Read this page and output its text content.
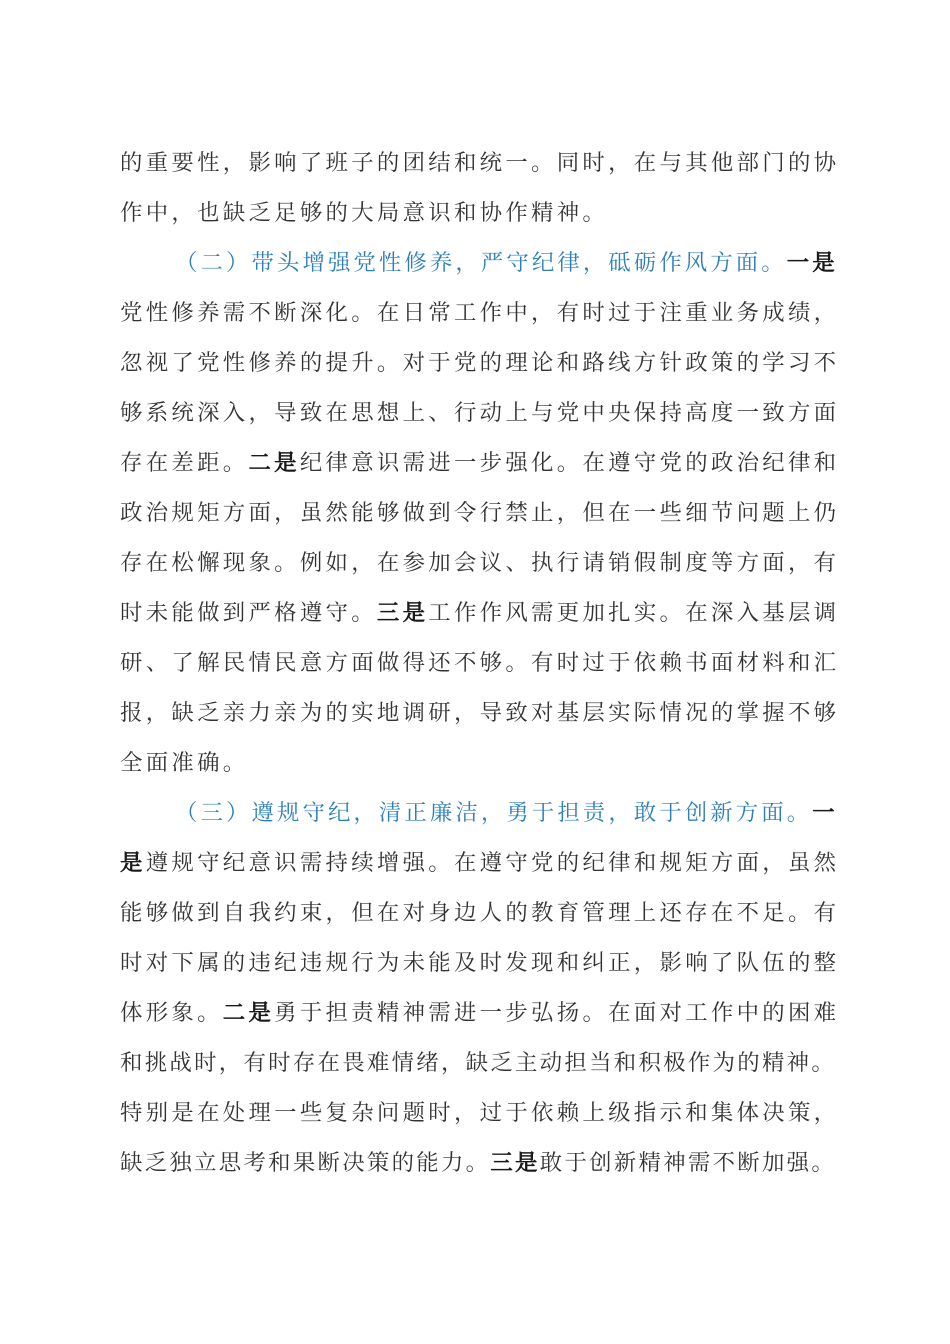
的重要性，影响了班子的团结和统一。同时，在与其他部门的协
作中，也缺乏足够的大局意识和协作精神。
（二）带头增强党性修养，严守纪律，砥砺作风方面。一是
党性修养需不断深化。在日常工作中，有时过于注重业务成绩，
忽视了党性修养的提升。对于党的理论和路线方针政策的学习不
够系统深入，导致在思想上、行动上与党中央保持高度一致方面
存在差距。二是纪律意识需进一步强化。在遵守党的政治纪律和
政治规矩方面，虽然能够做到令行禁止，但在一些细节问题上仍
存在松懈现象。例如，在参加会议、执行请销假制度等方面，有
时未能做到严格遵守。三是工作作风需更加扎实。在深入基层调
研、了解民情民意方面做得还不够。有时过于依赖书面材料和汇
报，缺乏亲力亲为的实地调研，导致对基层实际情况的掌握不够
全面准确。
（三）遵规守纪，清正廉洁，勇于担责，敢于创新方面。一
是遵规守纪意识需持续增强。在遵守党的纪律和规矩方面，虽然
能够做到自我约束，但在对身边人的教育管理上还存在不足。有
时对下属的违纪违规行为未能及时发现和纠正，影响了队伍的整
体形象。二是勇于担责精神需进一步弘扬。在面对工作中的困难
和挑战时，有时存在畏难情绪，缺乏主动担当和积极作为的精神。
特别是在处理一些复杂问题时，过于依赖上级指示和集体决策，
缺乏独立思考和果断决策的能力。三是敢于创新精神需不断加强。
